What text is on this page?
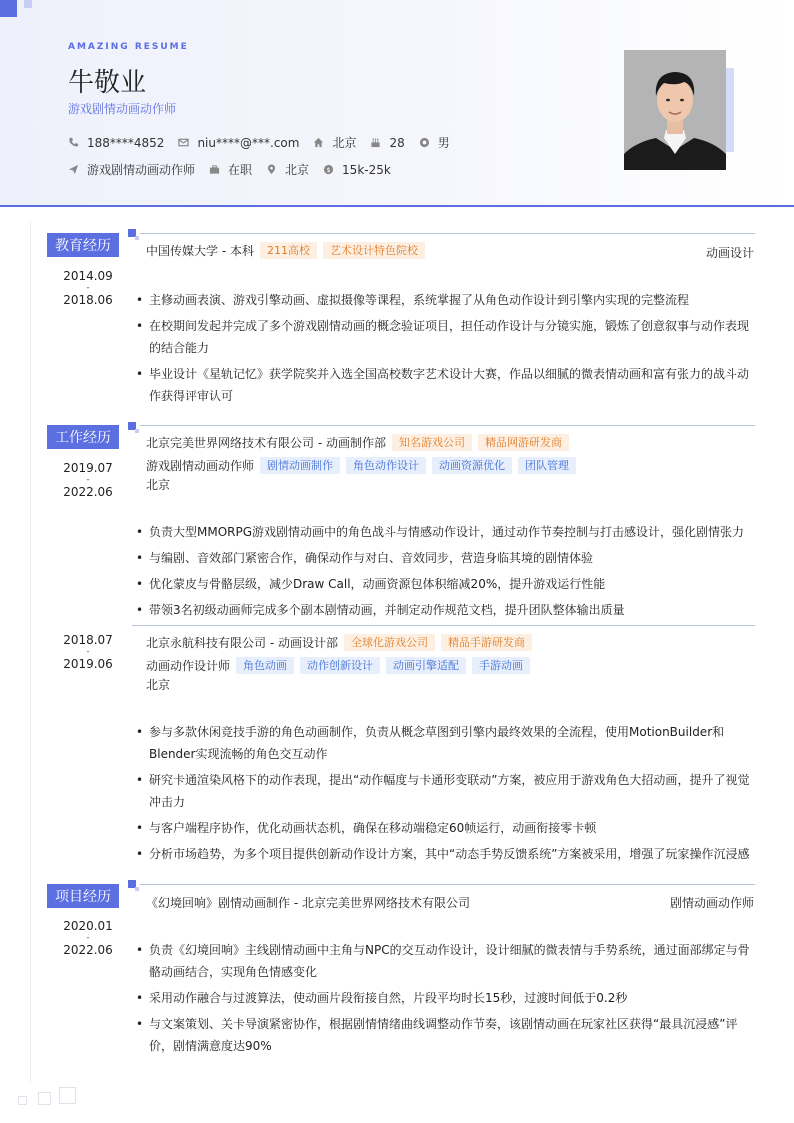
AMAZING RESUME
牛敬业
游戏剧情动画动作师
188****4852	niu****@***.com	北京	28	男
游戏剧情动画动作师	在职	北京 $ 15k-25k
教育经历
2014.09
-
2018.06
中国传媒大学 - 本科	211高校	艺术设计特色院校	动画设计
• 主修动画表演、游戏引擎动画、虚拟摄像等课程，系统掌握了从角色动作设计到引擎内实现的完整流程
• 在校期间发起并完成了多个游戏剧情动画的概念验证项目，担任动作设计与分镜实施，锻炼了创意叙事与动作表现的结合能力
• 毕业设计《星轨记忆》获学院奖并入选全国高校数字艺术设计大赛，作品以细腻的微表情动画和富有张力的战斗动作获得评审认可
工作经历
2019.07
-
2022.06
北京完美世界网络技术有限公司 - 动画制作部	知名游戏公司	精品网游研发商
游戏剧情动画动作师	剧情动画制作	角色动作设计	动画资源优化	团队管理
北京
• 负责大型MMORPG游戏剧情动画中的角色战斗与情感动作设计，通过动作节奏控制与打击感设计，强化剧情张力
• 与编剧、音效部门紧密合作，确保动作与对白、音效同步，营造身临其境的剧情体验
• 优化蒙皮与骨骼层级，减少Draw Call，动画资源包体积缩减20%，提升游戏运行性能
• 带领3名初级动画师完成多个副本剧情动画，并制定动作规范文档，提升团队整体输出质量
2018.07
-
2019.06
北京永航科技有限公司 - 动画设计部	全球化游戏公司	精品手游研发商
动画动作设计师	角色动画	动作创新设计	动画引擎适配	手游动画
北京
• 参与多款休闲竞技手游的角色动画制作，负责从概念草图到引擎内最终效果的全流程，使用MotionBuilder和Blender实现流畅的角色交互动作
• 研究卡通渲染风格下的动作表现，提出“动作幅度与卡通形变联动”方案，被应用于游戏角色大招动画，提升了视觉冲击力
• 与客户端程序协作，优化动画状态机，确保在移动端稳定60帧运行，动画衔接零卡顿
• 分析市场趋势，为多个项目提供创新动作设计方案，其中“动态手势反馈系统”方案被采用，增强了玩家操作沉浸感
项目经历
2020.01
-
2022.06
《幻境回响》剧情动画制作 - 北京完美世界网络技术有限公司	剧情动画动作师
• 负责《幻境回响》主线剧情动画中主角与NPC的交互动作设计，设计细腻的微表情与手势系统，通过面部绑定与骨骼动画结合，实现角色情感变化
• 采用动作融合与过渡算法，使动画片段衔接自然，片段平均时长15秒，过渡时间低于0.2秒
• 与文案策划、关卡导演紧密协作，根据剧情情绪曲线调整动作节奏，该剧情动画在玩家社区获得“最具沉浸感”评价，剧情满意度达90%
